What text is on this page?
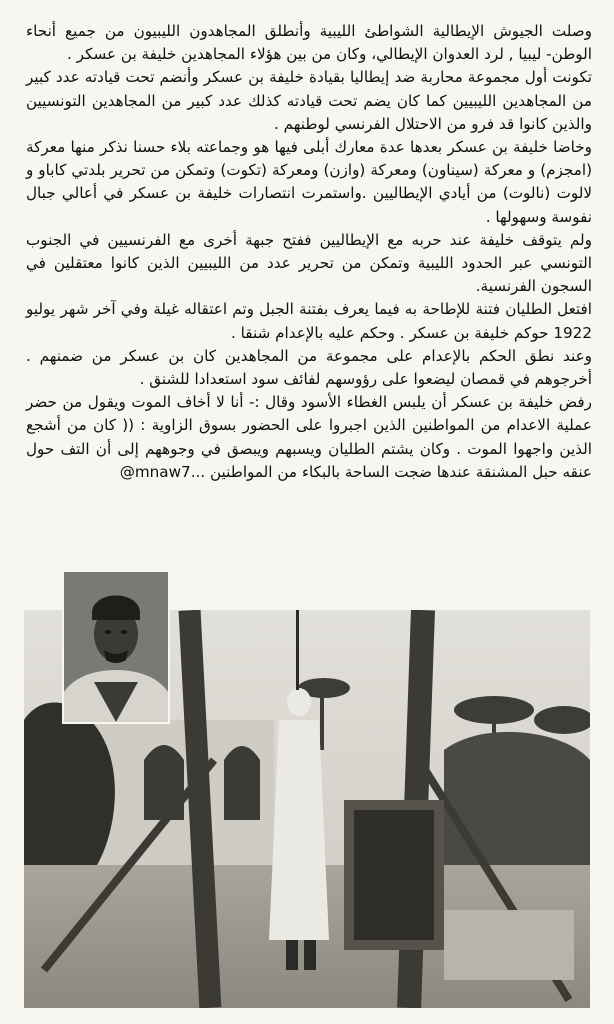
وصلت الجيوش الإيطالية الشواطئ الليبية وأنطلق المجاهدون الليبيون من جميع أنحاء الوطن- ليبيا , لرد العدوان الإيطالي، وكان من بين هؤلاء المجاهدين خليفة بن عسكر .

تكونت أول مجموعة محاربة ضد إيطاليا بقيادة خليفة بن عسكر وأنضم تحت قيادته عدد كبير من المجاهدين الليبيين كما كان يضم تحت قيادته كذلك عدد كبير من المجاهدين التونسيين والذين كانوا قد فرو من الاحتلال الفرنسي لوطنهم .

وخاضا خليفة بن عسكر بعدها عدة معارك أبلى فيها هو وجماعته بلاء حسنا نذكر منها معركة (امجزم) و معركة (سيناون) ومعركة (وازن) ومعركة (تكوت) وتمكن من تحرير بلدتي كاباو و لالوت (نالوت) من أيادي الإيطاليين .واستمرت انتصارات خليفة بن عسكر في أعالي جبال نفوسة وسهولها .

ولم يتوقف خليفة عند حربه مع الإيطاليين ففتح جبهة أخرى مع الفرنسيين في الجنوب التونسي عبر الحدود الليبية وتمكن من تحرير عدد من الليبيين الذين كانوا معتقلين في السجون الفرنسية.

افتعل الطليان فتنة للإطاحة به فيما يعرف بفتنة الجبل وتم اعتقاله غيلة وفي آخر شهر يوليو 1922 حوكم خليفة بن عسكر . وحكم عليه بالإعدام شنقا .

وعند نطق الحكم بالإعدام على مجموعة من المجاهدين كان بن عسكر من ضمنهم . أخرجوهم في قمصان ليضعوا على رؤوسهم لفائف سود استعدادا للشنق .

رفض خليفة بن عسكر أن يلبس الغطاء الأسود وقال :- أنا لا أخاف الموت ويقول من حضر عملية الاعدام من المواطنين الذين اجبروا على الحضور بسوق الزاوية : (( كان من أشجع الذين واجهوا الموت . وكان يشتم الطليان ويسبهم ويبصق في وجوههم إلى أن التف حول عنقه حبل المشنقة عندها ضجت الساحة بالبكاء من المواطنين ...@mnaw7
